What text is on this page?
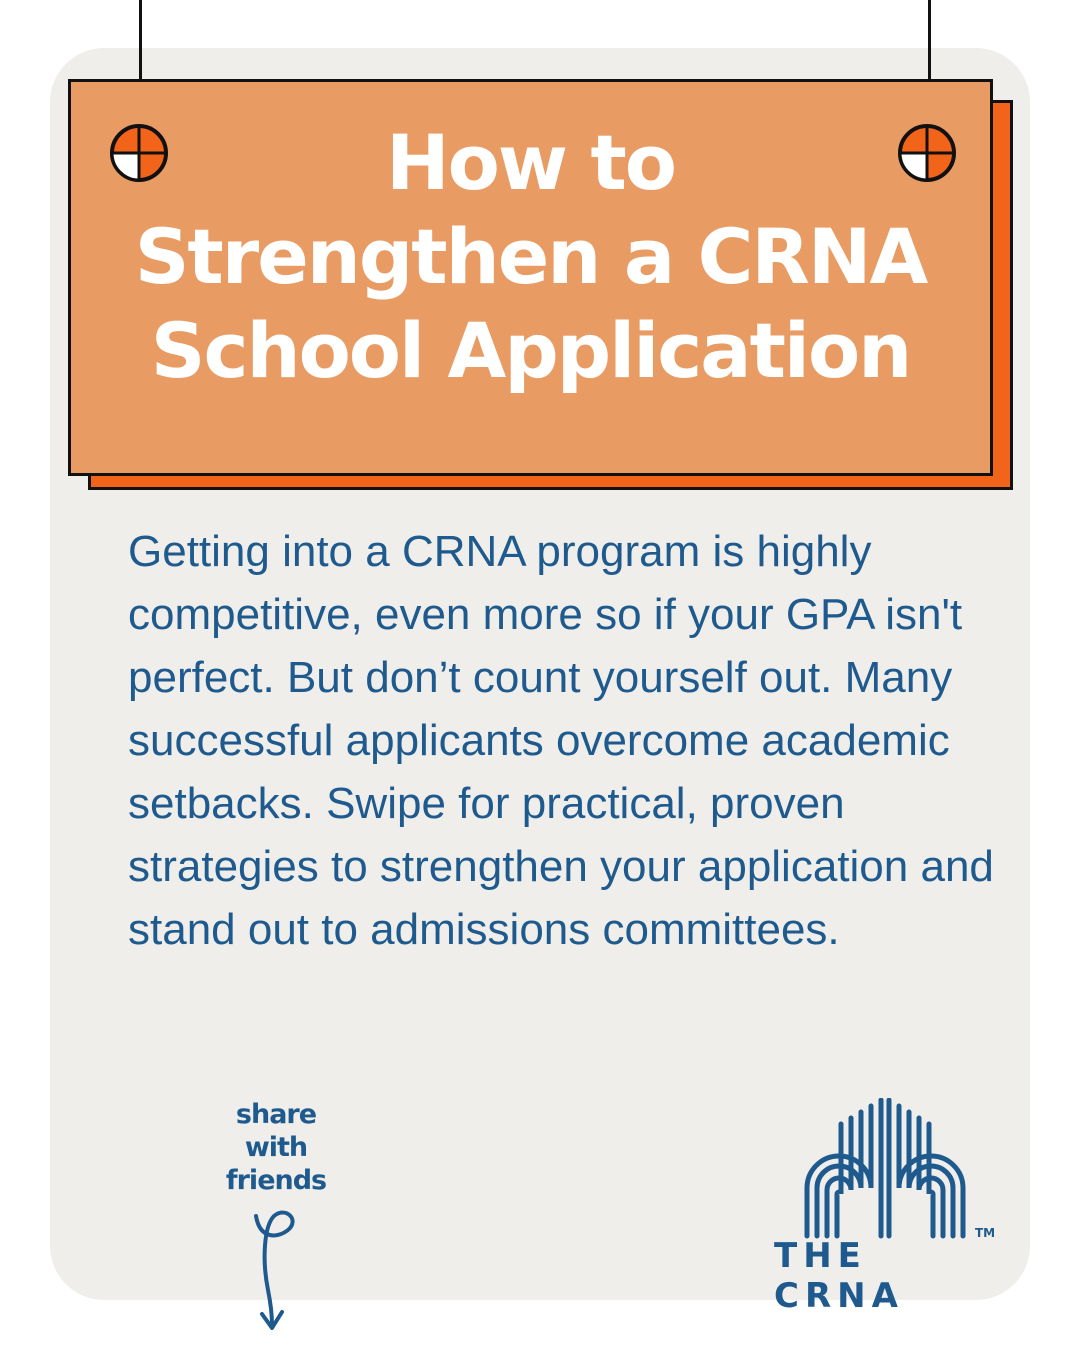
How to
Strengthen a CRNA
School Application

Getting into a CRNA program is highly competitive, even more so if your GPA isn't perfect. But don’t count yourself out. Many successful applicants overcome academic setbacks. Swipe for practical, proven strategies to strengthen your application and stand out to admissions committees.

share
with
friends
THE CRNA
TM
